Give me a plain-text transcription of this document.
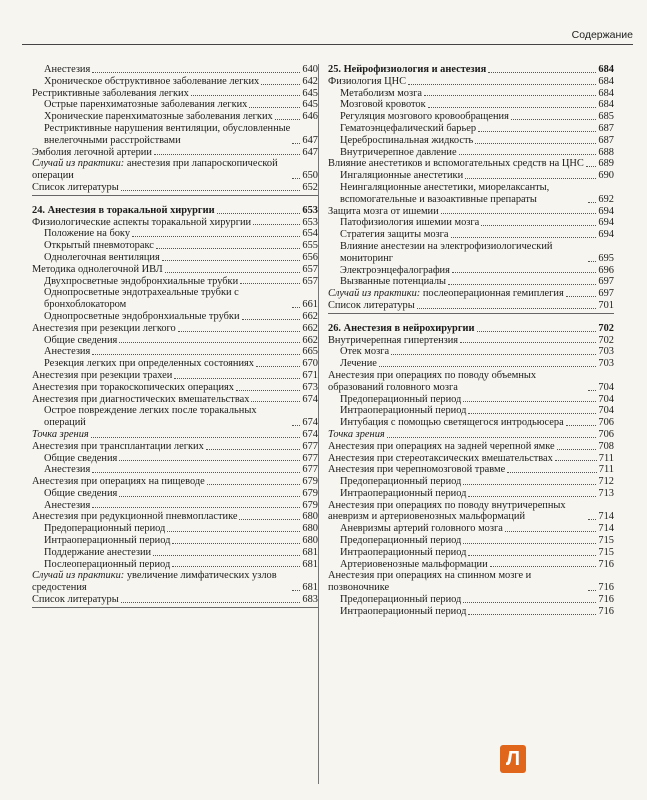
Содержание
Анестезия	640
Хроническое обструктивное заболевание легких	642
Рестриктивные заболевания легких	645
Острые паренхиматозные заболевания легких	645
Хронические паренхиматозные заболевания легких	646
Рестриктивные нарушения вентиляции, обусловленные внелегочными расстройствами	647
Эмболия легочной артерии	647
Случай из практики: анестезия при лапароскопической операции	650
Список литературы	652
24. Анестезия в торакальной хирургии	653
Физиологические аспекты торакальной хирургии	653
Положение на боку	654
Открытый пневмоторакс	655
Однолегочная вентиляция	656
Методика однолегочной ИВЛ	657
Двухпросветные эндобронхиальные трубки	657
Однопросветные эндотрахеальные трубки с бронхоблокатором	661
Однопросветные эндобронхиальные трубки	662
Анестезия при резекции легкого	662
Общие сведения	662
Анестезия	665
Резекция легких при определенных состояниях	670
Анестезия при резекции трахеи	671
Анестезия при торакоскопических операциях	673
Анестезия при диагностических вмешательствах	674
Острое повреждение легких после торакальных операций	674
Точка зрения	674
Анестезия при трансплантации легких	677
Общие сведения	677
Анестезия	677
Анестезия при операциях на пищеводе	679
Общие сведения	679
Анестезия	679
Анестезия при редукционной пневмопластике	680
Предоперационный период	680
Интраоперационный период	680
Поддержание анестезии	681
Послеоперационный период	681
Случай из практики: увеличение лимфатических узлов средостения	681
Список литературы	683
25. Нейрофизиология и анестезия	684
Физиология ЦНС	684
Метаболизм мозга	684
Мозговой кровоток	684
Регуляция мозгового кровообращения	685
Гематоэнцефалический барьер	687
Цереброспинальная жидкость	687
Внутричерепное давление	688
Влияние анестетиков и вспомогательных средств на ЦНС 689
Ингаляционные анестетики	690
Неингаляционные анестетики, миорелаксанты, вспомогательные и вазоактивные препараты	692
Защита мозга от ишемии	694
Патофизиология ишемии мозга	694
Стратегия защиты мозга	694
Влияние анестезии на электрофизиологический мониторинг	695
Электроэнцефалография	696
Вызванные потенциалы	697
Случай из практики: послеоперационная гемиплегия	697
Список литературы	701
26. Анестезия в нейрохирургии	702
Внутричерепная гипертензия	702
Отек мозга	703
Лечение	703
Анестезия при операциях по поводу объемных образований головного мозга	704
Предоперационный период	704
Интраоперационный период	704
Интубация с помощью светящегося интродьюсера	706
Точка зрения	706
Анестезия при операциях на задней черепной ямке	708
Анестезия при стереотаксических вмешательствах	711
Анестезия при черепномозговой травме	711
Предоперационный период	712
Интраоперационный период	713
Анестезия при операциях по поводу внутричерепных аневризм и артериовенозных мальформаций	714
Аневризмы артерий головного мозга	714
Предоперационный период	715
Интраоперационный период	715
Артериовенозные мальформации	716
Анестезия при операциях на спинном мозге и позвоночнике	716
Предоперационный период	716
Интраоперационный период	716
Л
